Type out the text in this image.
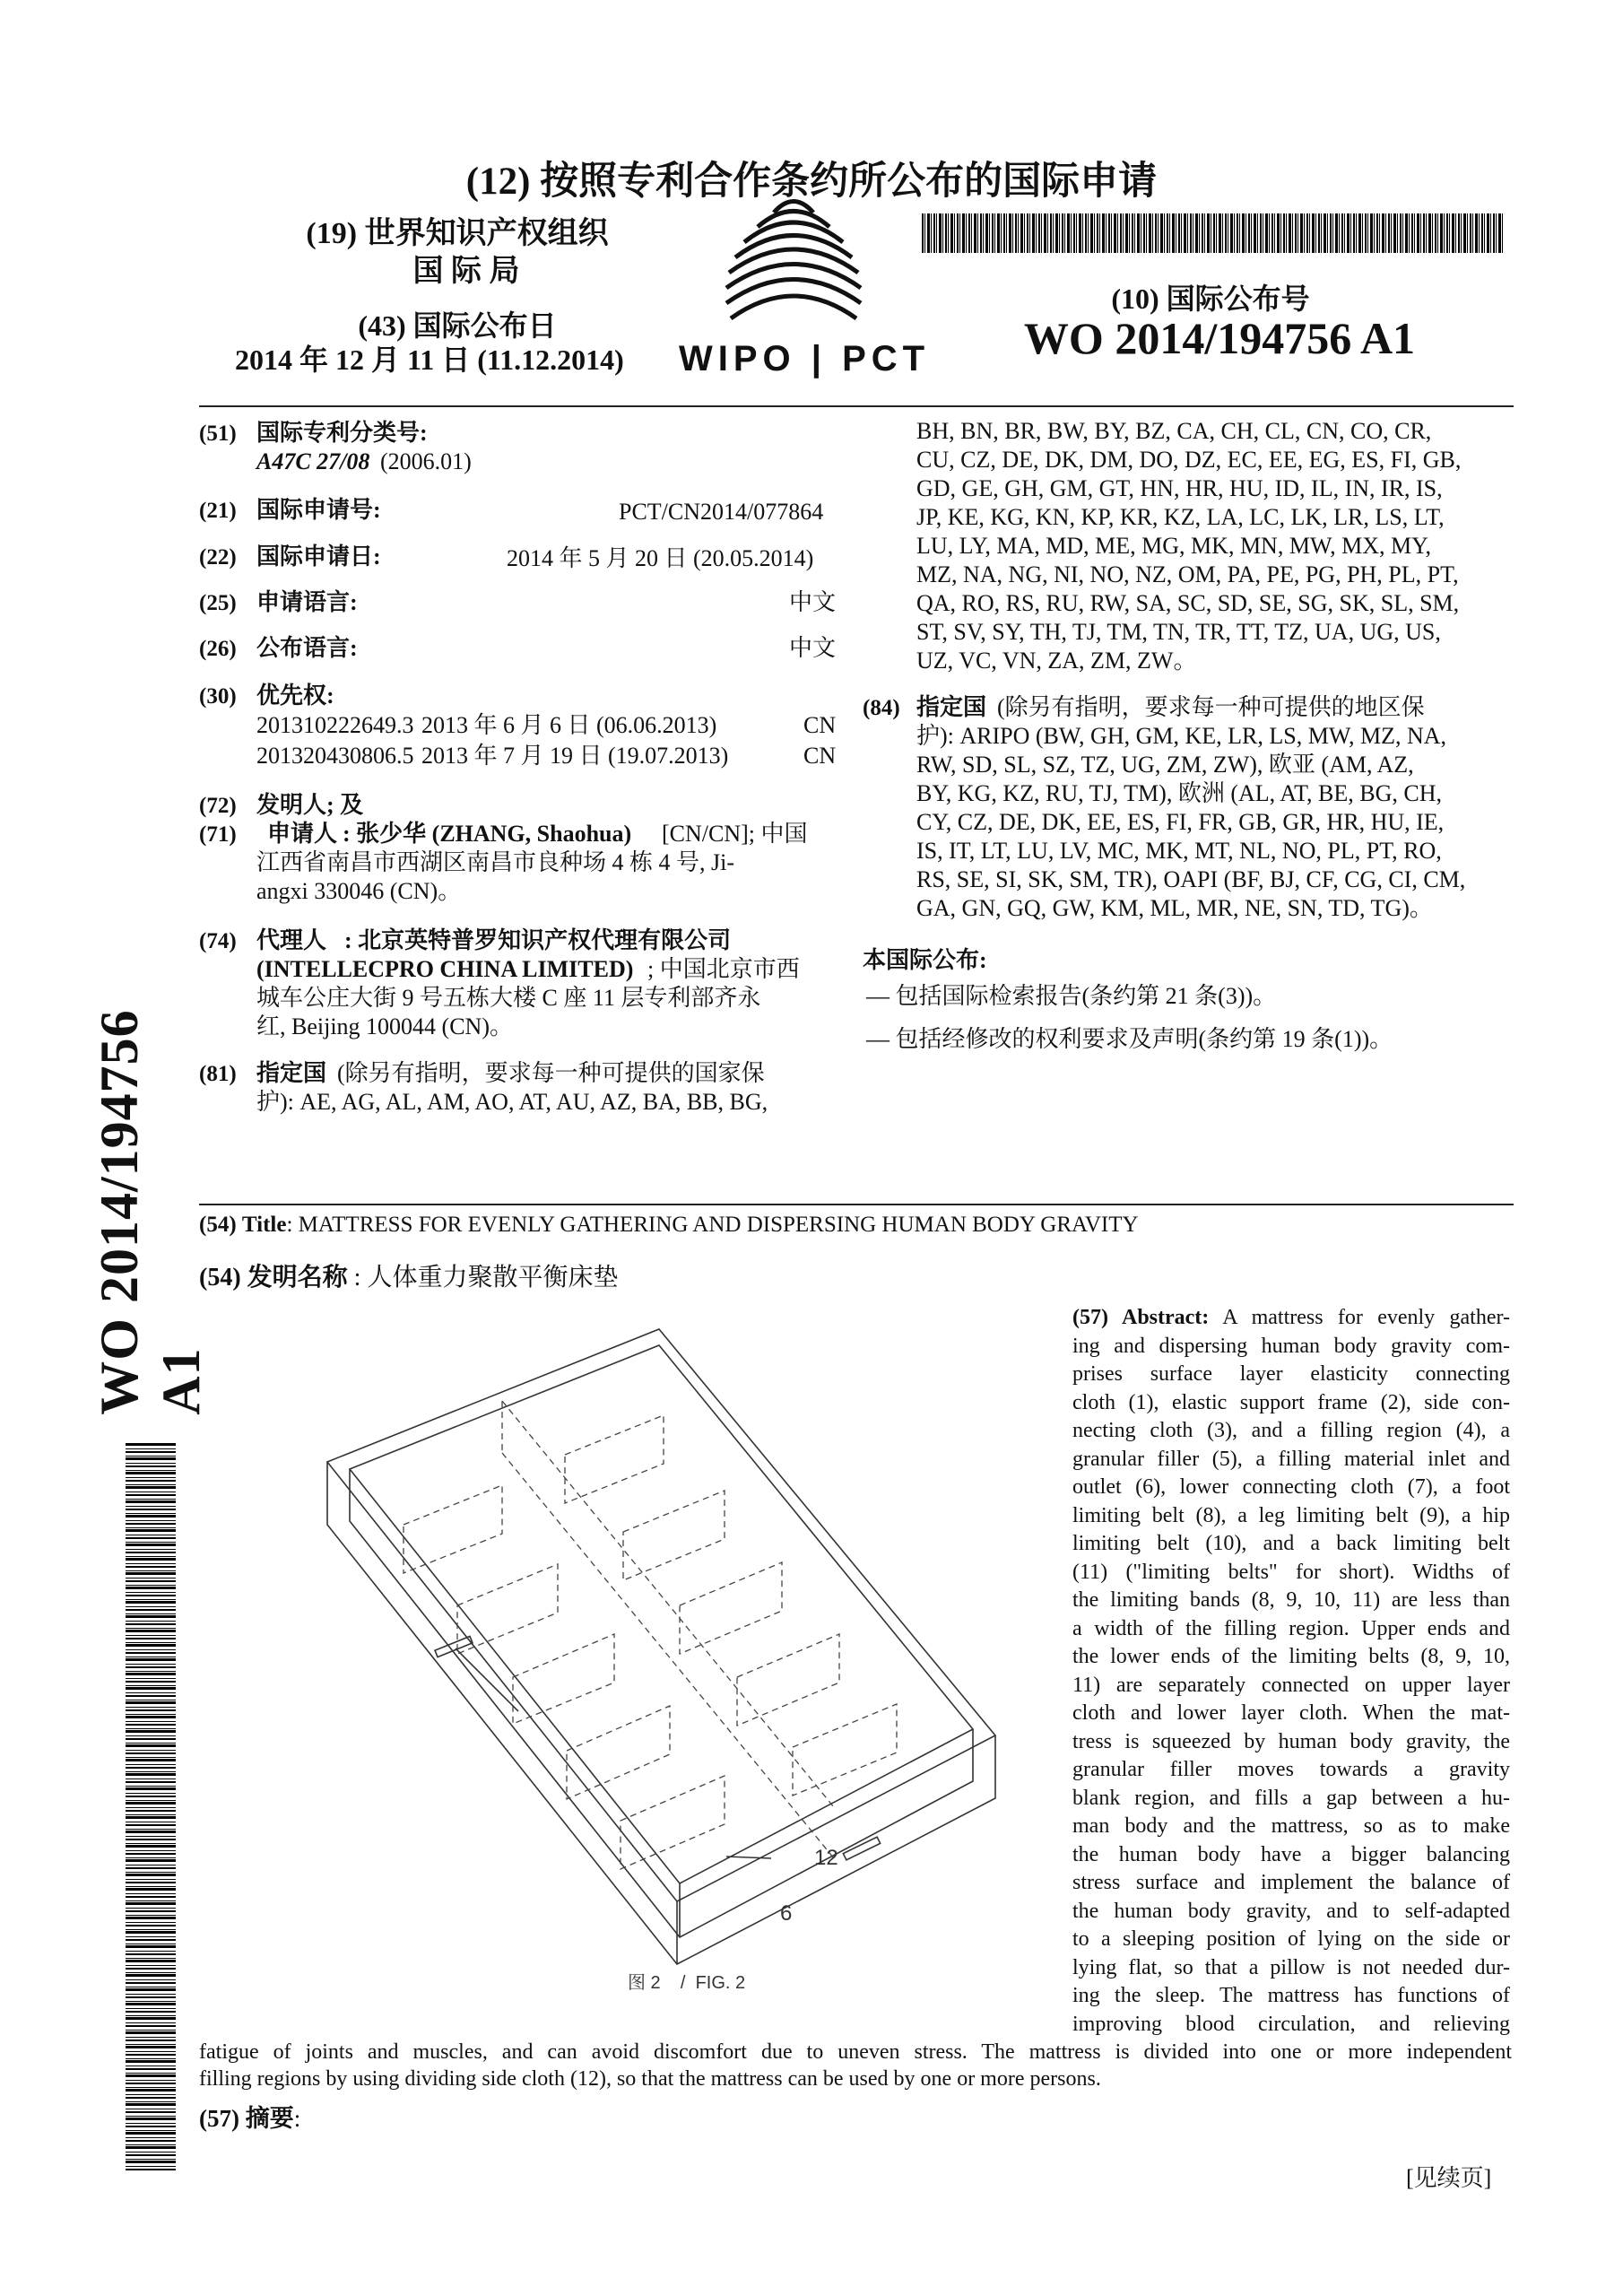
(12) 按照专利合作条约所公布的国际申请
(19) 世界知识产权组织
国 际 局
(43) 国际公布日
2014 年 12 月 11 日 (11.12.2014) WIPO | PCT
(10) 国际公布号
WO 2014/194756 A1
(51) 国际专利分类号:
A47C 27/08 (2006.01)
(21) 国际申请号:	PCT/CN2014/077864
(22) 国际申请日:	2014 年 5 月 20 日 (20.05.2014)
(25) 申请语言:	中文
(26) 公布语言:	中文
(30) 优先权:
201310222649.3 2013 年 6 月 6 日 (06.06.2013)	CN
201320430806.5 2013 年 7 月 19 日 (19.07.2013)	CN
(72) 发明人; 及
(71) 申请人 : 张少华 (ZHANG, Shaohua) [CN/CN]; 中国
江西省南昌市西湖区南昌市良种场 4 栋 4 号, Ji-
angxi 330046 (CN)。
(74) 代理人 : 北京英特普罗知识产权代理有限公司
(INTELLECPRO CHINA LIMITED) ; 中国北京市西
城车公庄大街 9 号五栋大楼 C 座 11 层专利部齐永
红, Beijing 100044 (CN)。
(81) 指定国 (除另有指明，要求每一种可提供的国家保
护): AE, AG, AL, AM, AO, AT, AU, AZ, BA, BB, BG,
BH, BN, BR, BW, BY, BZ, CA, CH, CL, CN, CO, CR,
CU, CZ, DE, DK, DM, DO, DZ, EC, EE, EG, ES, FI, GB,
GD, GE, GH, GM, GT, HN, HR, HU, ID, IL, IN, IR, IS,
JP, KE, KG, KN, KP, KR, KZ, LA, LC, LK, LR, LS, LT,
LU, LY, MA, MD, ME, MG, MK, MN, MW, MX, MY,
MZ, NA, NG, NI, NO, NZ, OM, PA, PE, PG, PH, PL, PT,
QA, RO, RS, RU, RW, SA, SC, SD, SE, SG, SK, SL, SM,
ST, SV, SY, TH, TJ, TM, TN, TR, TT, TZ, UA, UG, US,
UZ, VC, VN, ZA, ZM, ZW。
(84) 指定国 (除另有指明，要求每一种可提供的地区保
护): ARIPO (BW, GH, GM, KE, LR, LS, MW, MZ, NA,
RW, SD, SL, SZ, TZ, UG, ZM, ZW), 欧亚 (AM, AZ,
BY, KG, KZ, RU, TJ, TM), 欧洲 (AL, AT, BE, BG, CH,
CY, CZ, DE, DK, EE, ES, FI, FR, GB, GR, HR, HU, IE,
IS, IT, LT, LU, LV, MC, MK, MT, NL, NO, PL, PT, RO,
RS, SE, SI, SK, SM, TR), OAPI (BF, BJ, CF, CG, CI, CM,
GA, GN, GQ, GW, KM, ML, MR, NE, SN, TD, TG)。
本国际公布:
— 包括国际检索报告(条约第 21 条(3))。
— 包括经修改的权利要求及声明(条约第 19 条(1))。
(54) Title: MATTRESS FOR EVENLY GATHERING AND DISPERSING HUMAN BODY GRAVITY
(54) 发明名称 : 人体重力聚散平衡床垫
12
6
图 2    /  FIG. 2
(57) Abstract: A mattress for evenly gather-
ing and dispersing human body gravity com-
prises surface layer elasticity connecting
cloth (1), elastic support frame (2), side con-
necting cloth (3), and a filling region (4), a
granular filler (5), a filling material inlet and
outlet (6), lower connecting cloth (7), a foot
limiting belt (8), a leg limiting belt (9), a hip
limiting belt (10), and a back limiting belt
(11) ("limiting belts" for short). Widths of
the limiting bands (8, 9, 10, 11) are less than
a width of the filling region. Upper ends and
the lower ends of the limiting belts (8, 9, 10,
11) are separately connected on upper layer
cloth and lower layer cloth. When the mat-
tress is squeezed by human body gravity, the
granular filler moves towards a gravity
blank region, and fills a gap between a hu-
man body and the mattress, so as to make
the human body have a bigger balancing
stress surface and implement the balance of
the human body gravity, and to self-adapted
to a sleeping position of lying on the side or
lying flat, so that a pillow is not needed dur-
ing the sleep. The mattress has functions of
improving blood circulation, and relieving
fatigue of joints and muscles, and can avoid discomfort due to uneven stress. The mattress is divided into one or more independent
filling regions by using dividing side cloth (12), so that the mattress can be used by one or more persons.
(57) 摘要:
[见续页]
WO 2014/194756 A1
